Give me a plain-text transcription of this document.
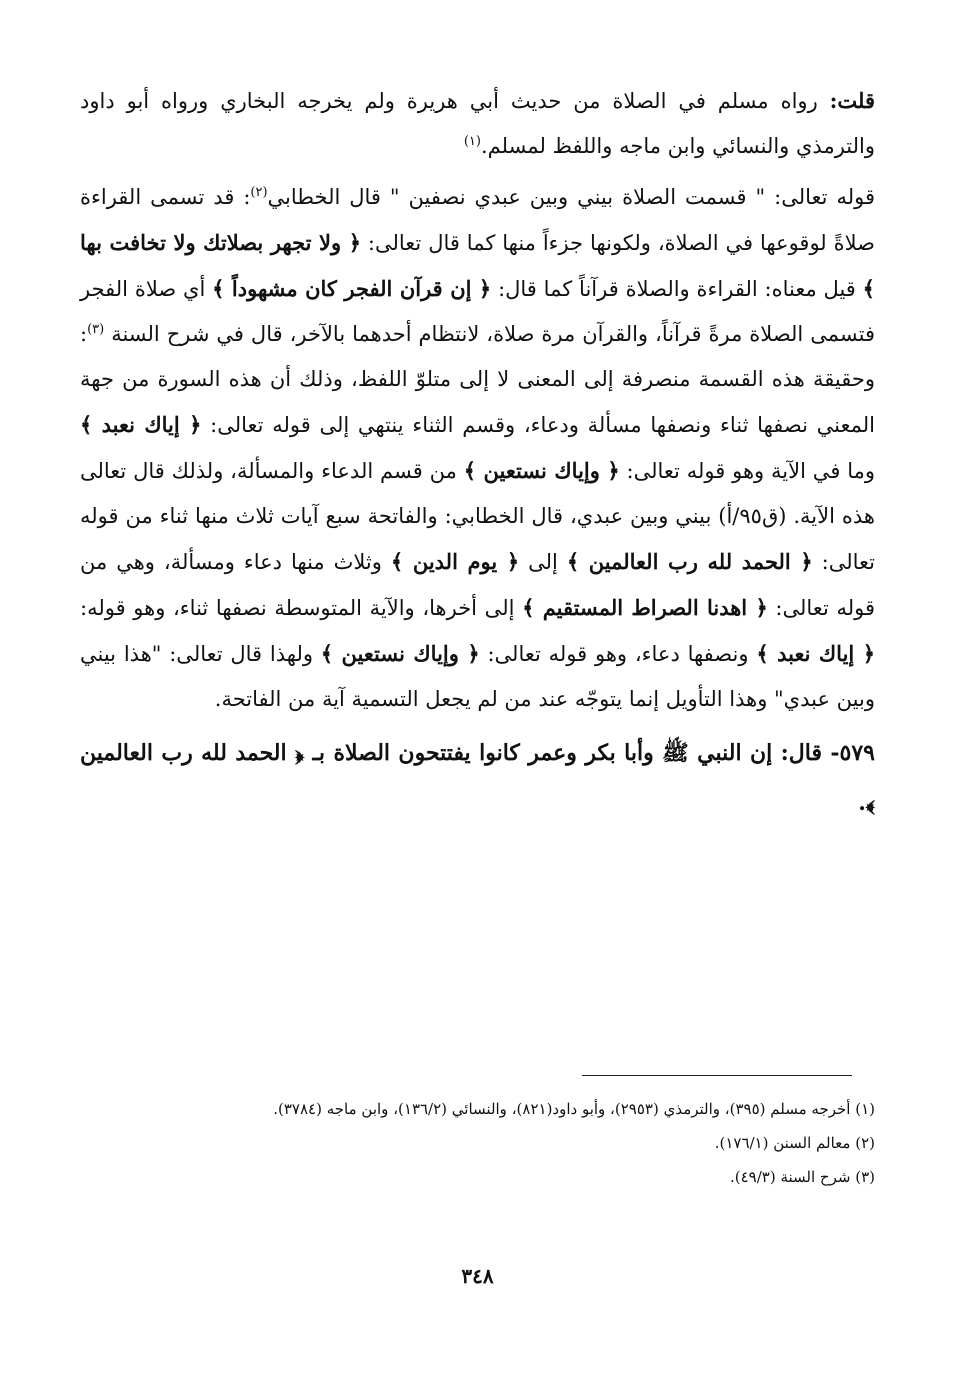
قلت: رواه مسلم في الصلاة من حديث أبي هريرة ولم يخرجه البخاري ورواه أبو داود والترمذي والنسائي وابن ماجه واللفظ لمسلم.$^{(١)}$

قوله تعالى: " قسمت الصلاة بيني وبين عبدي نصفين " قال الخطابي$^{(٢)}$: قد تسمى القراءة صلاةً لوقوعها في الصلاة، ولكونها جزءاً منها كما قال تعالى: ﴿ ولا تجهر بصلاتك ولا تخافت بها ﴾ قيل معناه: القراءة والصلاة قرآناً كما قال: ﴿ إن قرآن الفجر كان مشهوداً ﴾ أي صلاة الفجر فتسمى الصلاة مرةً قرآناً، والقرآن مرة صلاة، لانتظام أحدهما بالآخر، قال في شرح السنة $^{(٣)}$: وحقيقة هذه القسمة منصرفة إلى المعنى لا إلى متلوّ اللفظ، وذلك أن هذه السورة من جهة المعني نصفها ثناء ونصفها مسألة ودعاء، وقسم الثناء ينتهي إلى قوله تعالى: ﴿ إياك نعبد ﴾ وما في الآية وهو قوله تعالى: ﴿ وإياك نستعين ﴾ من قسم الدعاء والمسألة، ولذلك قال تعالى هذه الآية. (ق٩٥/أ) بيني وبين عبدي، قال الخطابي: والفاتحة سبع آيات ثلاث منها ثناء من قوله تعالى: ﴿ الحمد لله رب العالمين ﴾ إلى ﴿ يوم الدين ﴾ وثلاث منها دعاء ومسألة، وهي من قوله تعالى: ﴿ اهدنا الصراط المستقيم ﴾ إلى أخرها، والآية المتوسطة نصفها ثناء، وهو قوله: ﴿ إياك نعبد ﴾ ونصفها دعاء، وهو قوله تعالى: ﴿ وإياك نستعين ﴾ ولهذا قال تعالى: "هذا بيني وبين عبدي" وهذا التأويل إنما يتوجّه عند من لم يجعل التسمية آية من الفاتحة.

٥٧٩- قال: إن النبي ﷺ وأبا بكر وعمر كانوا يفتتحون الصلاة بـ ﴿ الحمد لله رب العالمين ﴾.

(١) أخرجه مسلم (٣٩٥)، والترمذي (٢٩٥٣)، وأبو داود(٨٢١)، والنسائي (١٣٦/٢)، وابن ماجه (٣٧٨٤).

(٢) معالم السنن (١٧٦/١).

(٣) شرح السنة (٤٩/٣).

٣٤٨
